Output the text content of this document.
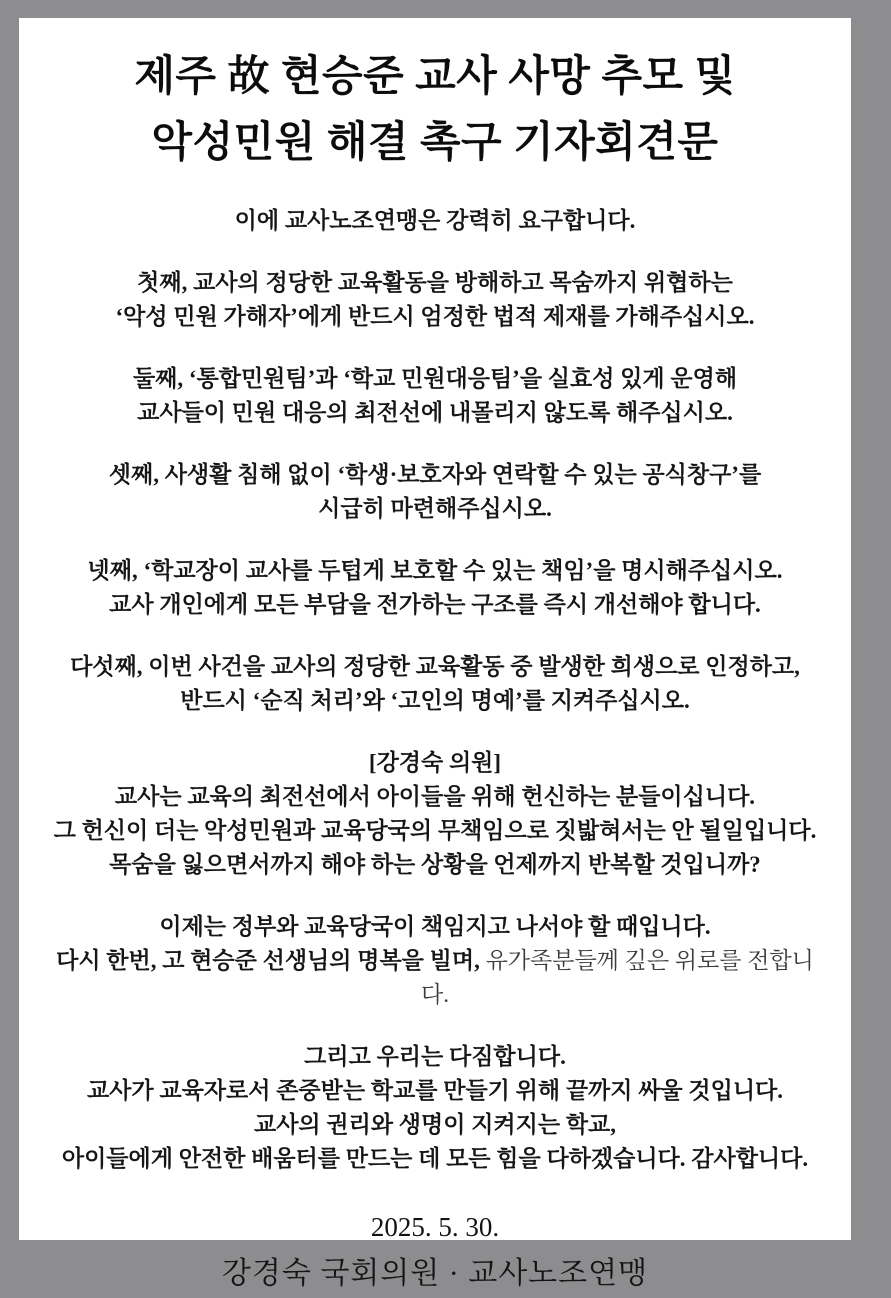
제주 故 현승준 교사 사망 추모 및
악성민원 해결 촉구 기자회견문

이에 교사노조연맹은 강력히 요구합니다.

첫째, 교사의 정당한 교육활동을 방해하고 목숨까지 위협하는
‘악성 민원 가해자’에게 반드시 엄정한 법적 제재를 가해주십시오.

둘째, ‘통합민원팀’과 ‘학교 민원대응팀’을 실효성 있게 운영해
교사들이 민원 대응의 최전선에 내몰리지 않도록 해주십시오.

셋째, 사생활 침해 없이 ‘학생·보호자와 연락할 수 있는 공식창구’를
시급히 마련해주십시오.

넷째, ‘학교장이 교사를 두텁게 보호할 수 있는 책임’을 명시해주십시오.
교사 개인에게 모든 부담을 전가하는 구조를 즉시 개선해야 합니다.

다섯째, 이번 사건을 교사의 정당한 교육활동 중 발생한 희생으로 인정하고,
반드시 ‘순직 처리’와 ‘고인의 명예’를 지켜주십시오.

[강경숙 의원]
교사는 교육의 최전선에서 아이들을 위해 헌신하는 분들이십니다.
그 헌신이 더는 악성민원과 교육당국의 무책임으로 짓밟혀서는 안 될일입니다.
목숨을 잃으면서까지 해야 하는 상황을 언제까지 반복할 것입니까?

이제는 정부와 교육당국이 책임지고 나서야 할 때입니다.
다시 한번, 고 현승준 선생님의 명복을 빌며, 유가족분들께 깊은 위로를 전합니다.

그리고 우리는 다짐합니다.
교사가 교육자로서 존중받는 학교를 만들기 위해 끝까지 싸울 것입니다.
교사의 권리와 생명이 지켜지는 학교,
아이들에게 안전한 배움터를 만드는 데 모든 힘을 다하겠습니다. 감사합니다.

2025. 5. 30.
강경숙 국회의원 · 교사노조연맹
